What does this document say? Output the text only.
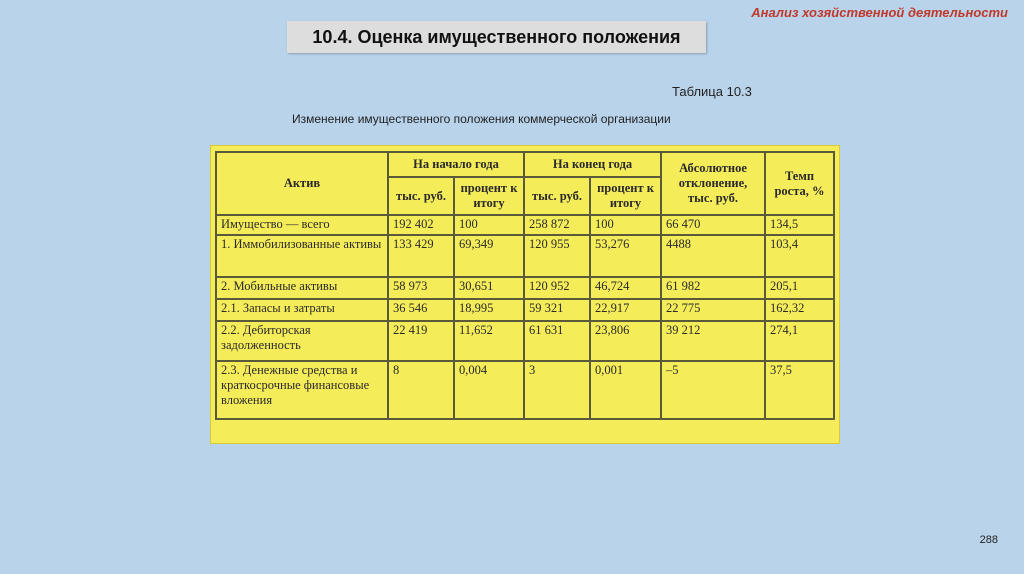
Анализ хозяйственной деятельности
10.4. Оценка имущественного положения
Таблица 10.3
Изменение имущественного положения коммерческой организации
Актив	На начало года		На конец года		Абсолютное отклонение, тыс. руб.	Темп роста, %
	тыс. руб.	процент к итогу	тыс. руб.	процент к итогу		
Имущество — всего	192 402	100	258 872	100	66 470	134,5
1. Иммобилизованные активы	133 429	69,349	120 955	53,276	4488	103,4
2. Мобильные активы	58 973	30,651	120 952	46,724	61 982	205,1
2.1. Запасы и затраты	36 546	18,995	59 321	22,917	22 775	162,32
2.2. Дебиторская задолженность	22 419	11,652	61 631	23,806	39 212	274,1
2.3. Денежные средства и краткосрочные финансовые вложения	8	0,004	3	0,001	–5	37,5
288
